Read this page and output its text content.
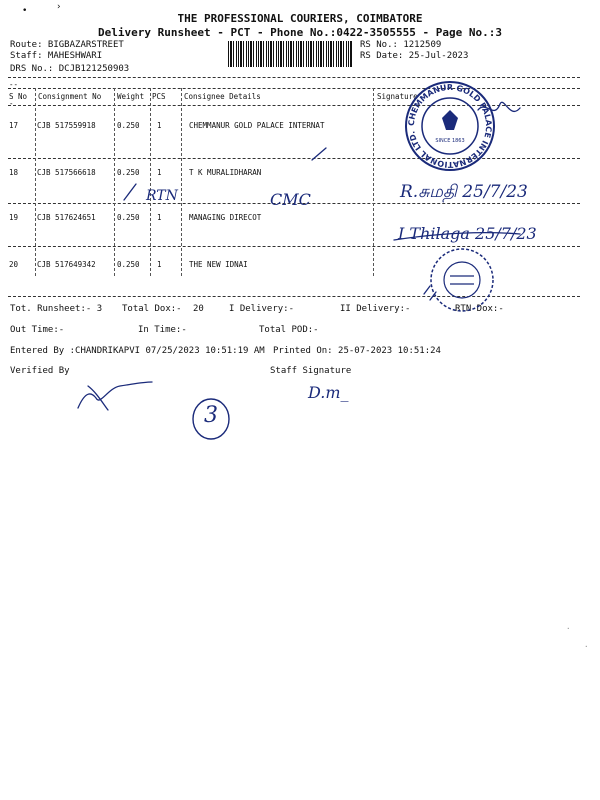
•	›
THE PROFESSIONAL COURIERS, COIMBATORE
Delivery Runsheet - PCT - Phone No.:0422-3505555 - Page No.:3
Route: BIGBAZARSTREET
Staff: MAHESHWARI
DRS No.: DCJB121250903
RS No.: 1212509
RS Date: 25-Jul-2023
S No Consignment No Weight PCS Consignee Details	Signature
--
-
17	CJB 517559918	0.250 1	CHEMMANUR GOLD PALACE INTERNAT
18	CJB 517566618	0.250 1	T K MURALIDHARAN
19	CJB 517624651	0.250 1	MANAGING DIRECOT
20	CJB 517649342	0.250 1	THE NEW IDNAI
Tot. Runsheet:- 3 Total Dox:- 20	I Delivery:-	II Delivery:-	RTN Dox:-
Out Time:-	In Time:-	Total POD:-
Entered By :CHANDRIKAPVI 07/25/2023 10:51:19 AM Printed On: 25-07-2023 10:51:24
Verified By	Staff Signature
CHEMMANUR GOLD PALACE INTERNATIONAL LTD.
SINCE 1863
RTN	CMC	R.சுமதி 25/7/23
I Thilaga 25/7/23
3
D.m_
.
.
